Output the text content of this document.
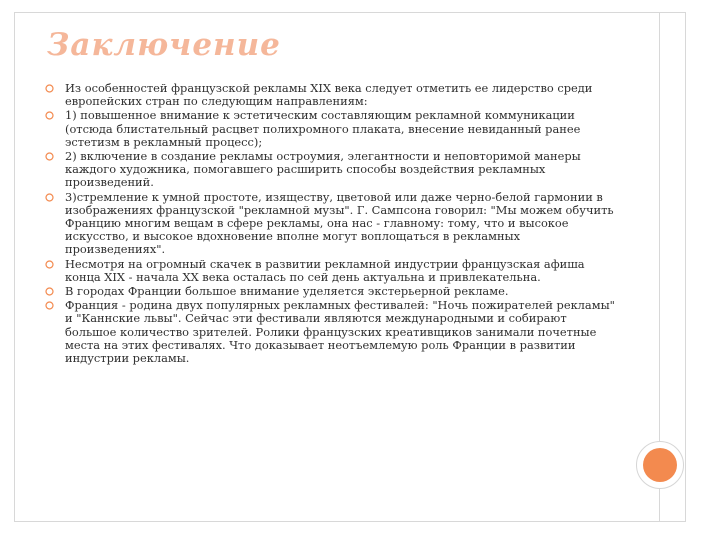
Заключение
Из особенностей французской рекламы XIX века следует отметить ее лидерство среди европейских стран по следующим направлениям:
1) повышенное внимание к эстетическим составляющим рекламной коммуникации (отсюда блистательный расцвет полихромного плаката, внесение невиданный ранее эстетизм в рекламный процесс);
2) включение в создание рекламы остроумия, элегантности и неповторимой манеры каждого художника, помогавшего расширить способы воздействия рекламных произведений.
3)стремление к умной простоте, изяществу, цветовой или даже черно-белой гармонии в изображениях французской "рекламной музы". Г. Сампсона говорил: "Мы можем обучить Францию многим вещам в сфере рекламы, она нас - главному: тому, что и высокое искусство, и высокое вдохновение вполне могут воплощаться в рекламных произведениях".
Несмотря на огромный скачек в развитии рекламной индустрии французская афиша конца XIX - начала XX века осталась по сей день актуальна и привлекательна.
В городах Франции большое внимание уделяется экстерьерной рекламе.
Франция - родина двух популярных рекламных фестивалей: "Ночь пожирателей рекламы" и "Каннские львы". Сейчас эти фестивали являются международными и собирают большое количество зрителей. Ролики французских креативщиков занимали почетные места на этих фестивалях. Что доказывает неотъемлемую роль Франции в развитии индустрии рекламы.
